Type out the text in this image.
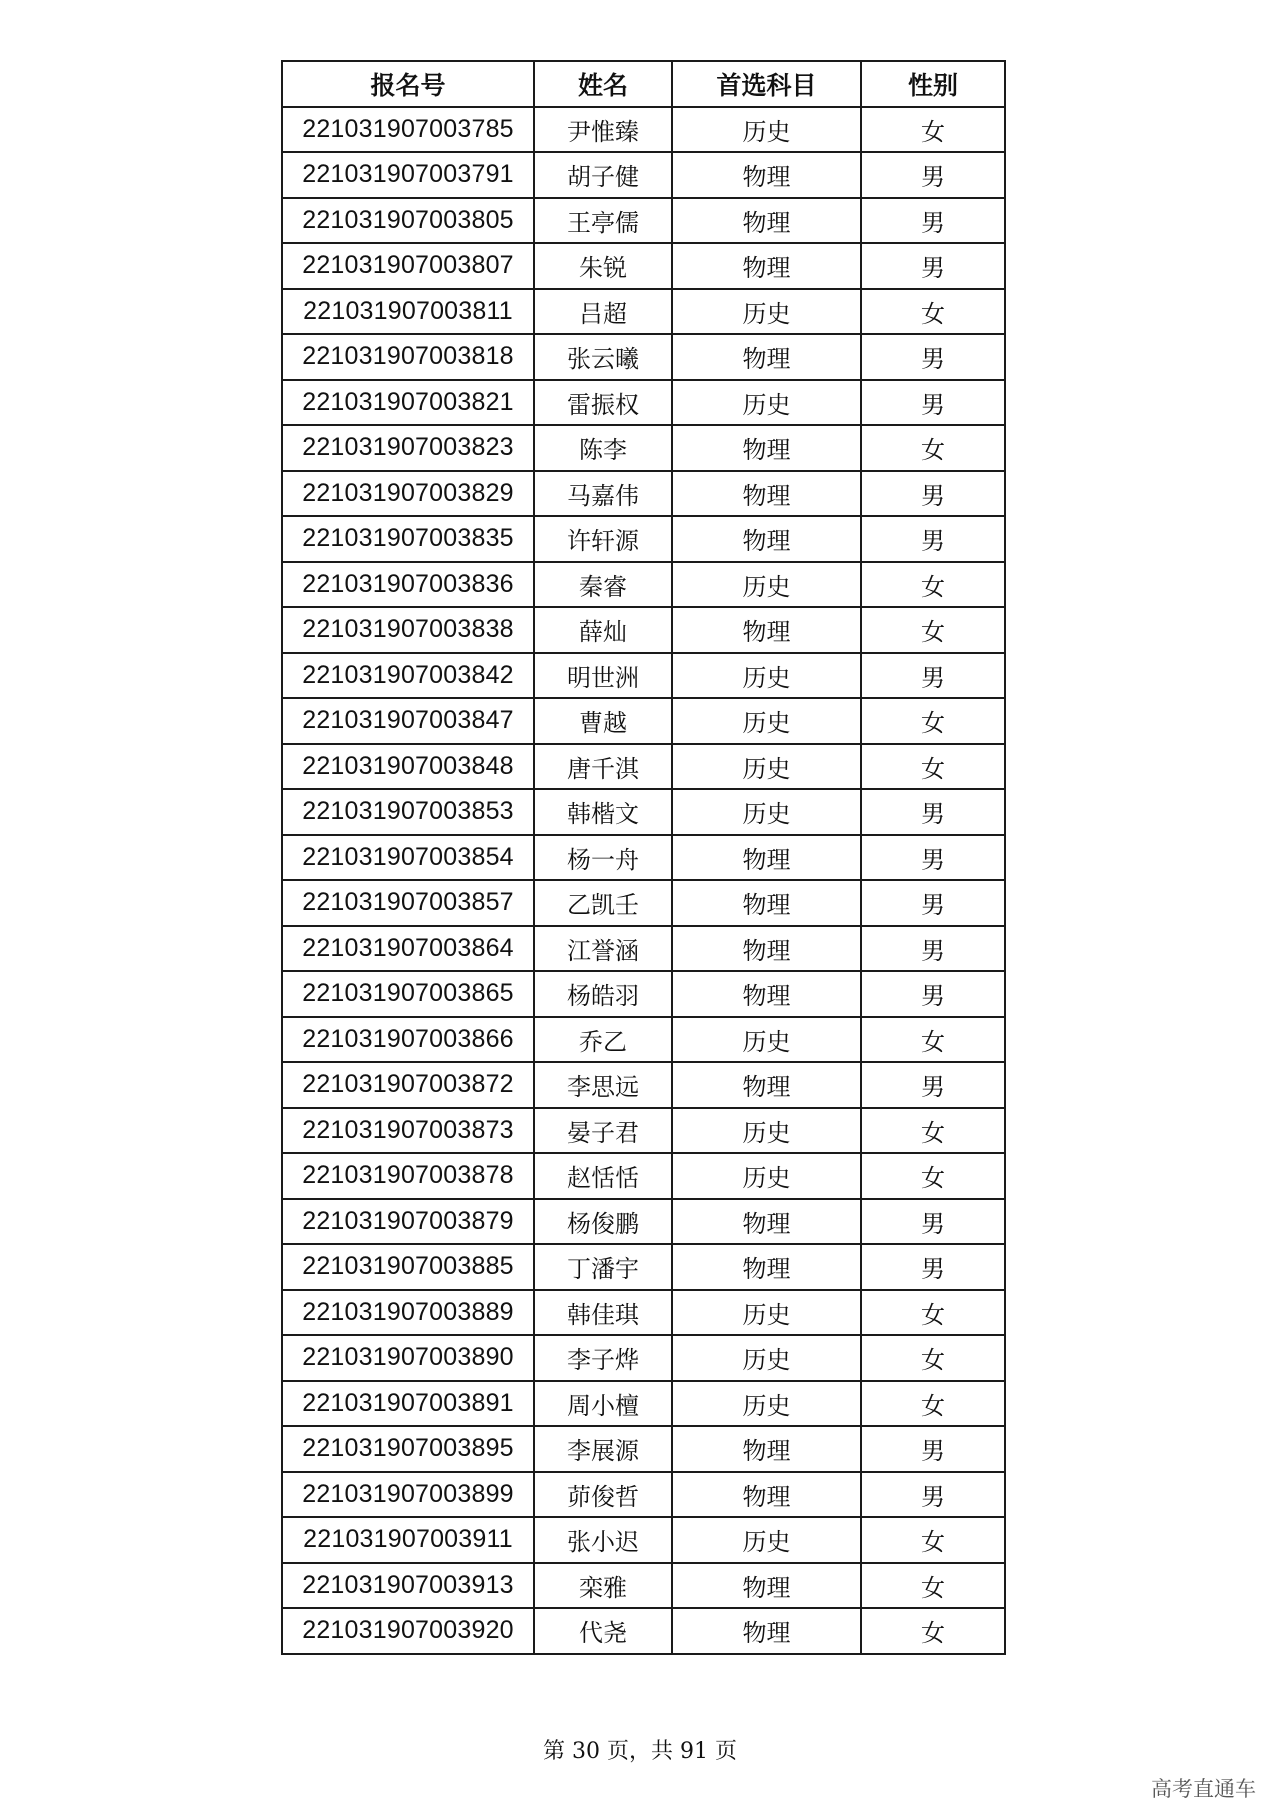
报名号	姓名	首选科目	性别
221031907003785	尹惟臻	历史	女
221031907003791	胡子健	物理	男
221031907003805	王亭儒	物理	男
221031907003807	朱锐	物理	男
221031907003811	吕超	历史	女
221031907003818	张云曦	物理	男
221031907003821	雷振权	历史	男
221031907003823	陈李	物理	女
221031907003829	马嘉伟	物理	男
221031907003835	许轩源	物理	男
221031907003836	秦睿	历史	女
221031907003838	薛灿	物理	女
221031907003842	明世洲	历史	男
221031907003847	曹越	历史	女
221031907003848	唐千淇	历史	女
221031907003853	韩楷文	历史	男
221031907003854	杨一舟	物理	男
221031907003857	乙凯壬	物理	男
221031907003864	江誉涵	物理	男
221031907003865	杨皓羽	物理	男
221031907003866	乔乙	历史	女
221031907003872	李思远	物理	男
221031907003873	晏子君	历史	女
221031907003878	赵恬恬	历史	女
221031907003879	杨俊鹏	物理	男
221031907003885	丁潘宇	物理	男
221031907003889	韩佳琪	历史	女
221031907003890	李子烨	历史	女
221031907003891	周小檀	历史	女
221031907003895	李展源	物理	男
221031907003899	茆俊哲	物理	男
221031907003911	张小迟	历史	女
221031907003913	栾雅	物理	女
221031907003920	代尧	物理	女
第 30 页，共 91 页
高考直通车
